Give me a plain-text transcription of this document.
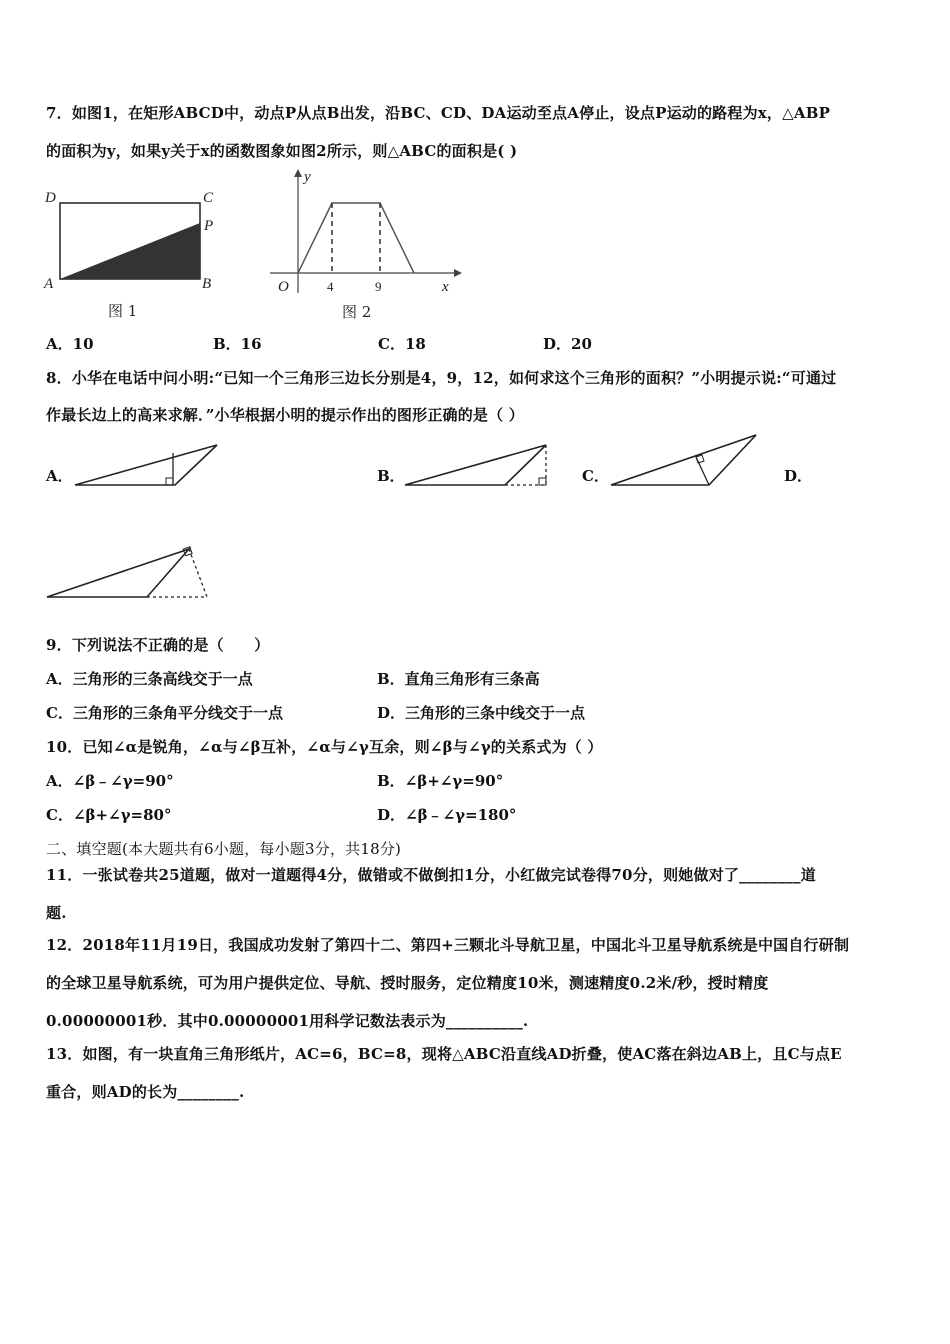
7．如图1，在矩形ABCD中，动点P从点B出发，沿BC、CD、DA运动至点A停止，设点P运动的路程为x，△ABP
的面积为y，如果y关于x的函数图象如图2所示，则△ABC的面积是( )
D	C
P
A	B
图 1
y
O	4	9	x
图 2
A．10	B．16	C．18	D．20
8．小华在电话中问小明:“已知一个三角形三边长分别是4，9，12，如何求这个三角形的面积？”小明提示说:“可通过
作最长边上的高来求解．”小华根据小明的提示作出的图形正确的是（ ）
A．	B．	C．	D．
9．下列说法不正确的是（　　）
A．三角形的三条高线交于一点	B．直角三角形有三条高
C．三角形的三条角平分线交于一点	D．三角形的三条中线交于一点
10．已知∠α是锐角，∠α与∠β互补，∠α与∠γ互余，则∠β与∠γ的关系式为（ ）
A．∠β﹣∠γ=90°	B．∠β+∠γ=90°
C．∠β+∠γ=80°	D．∠β﹣∠γ=180°
二、填空题(本大题共有6小题，每小题3分，共18分)
11．一张试卷共25道题，做对一道题得4分，做错或不做倒扣1分，小红做完试卷得70分，则她做对了________道
题.
12．2018年11月19日，我国成功发射了第四十二、第四+三颗北斗导航卫星，中国北斗卫星导航系统是中国自行研制
的全球卫星导航系统，可为用户提供定位、导航、授时服务，定位精度10米，测速精度0.2米/秒，授时精度
0.00000001秒．其中0.00000001用科学记数法表示为__________.
13．如图，有一块直角三角形纸片，AC=6，BC=8，现将△ABC沿直线AD折叠，使AC落在斜边AB上，且C与点E
重合，则AD的长为________.
